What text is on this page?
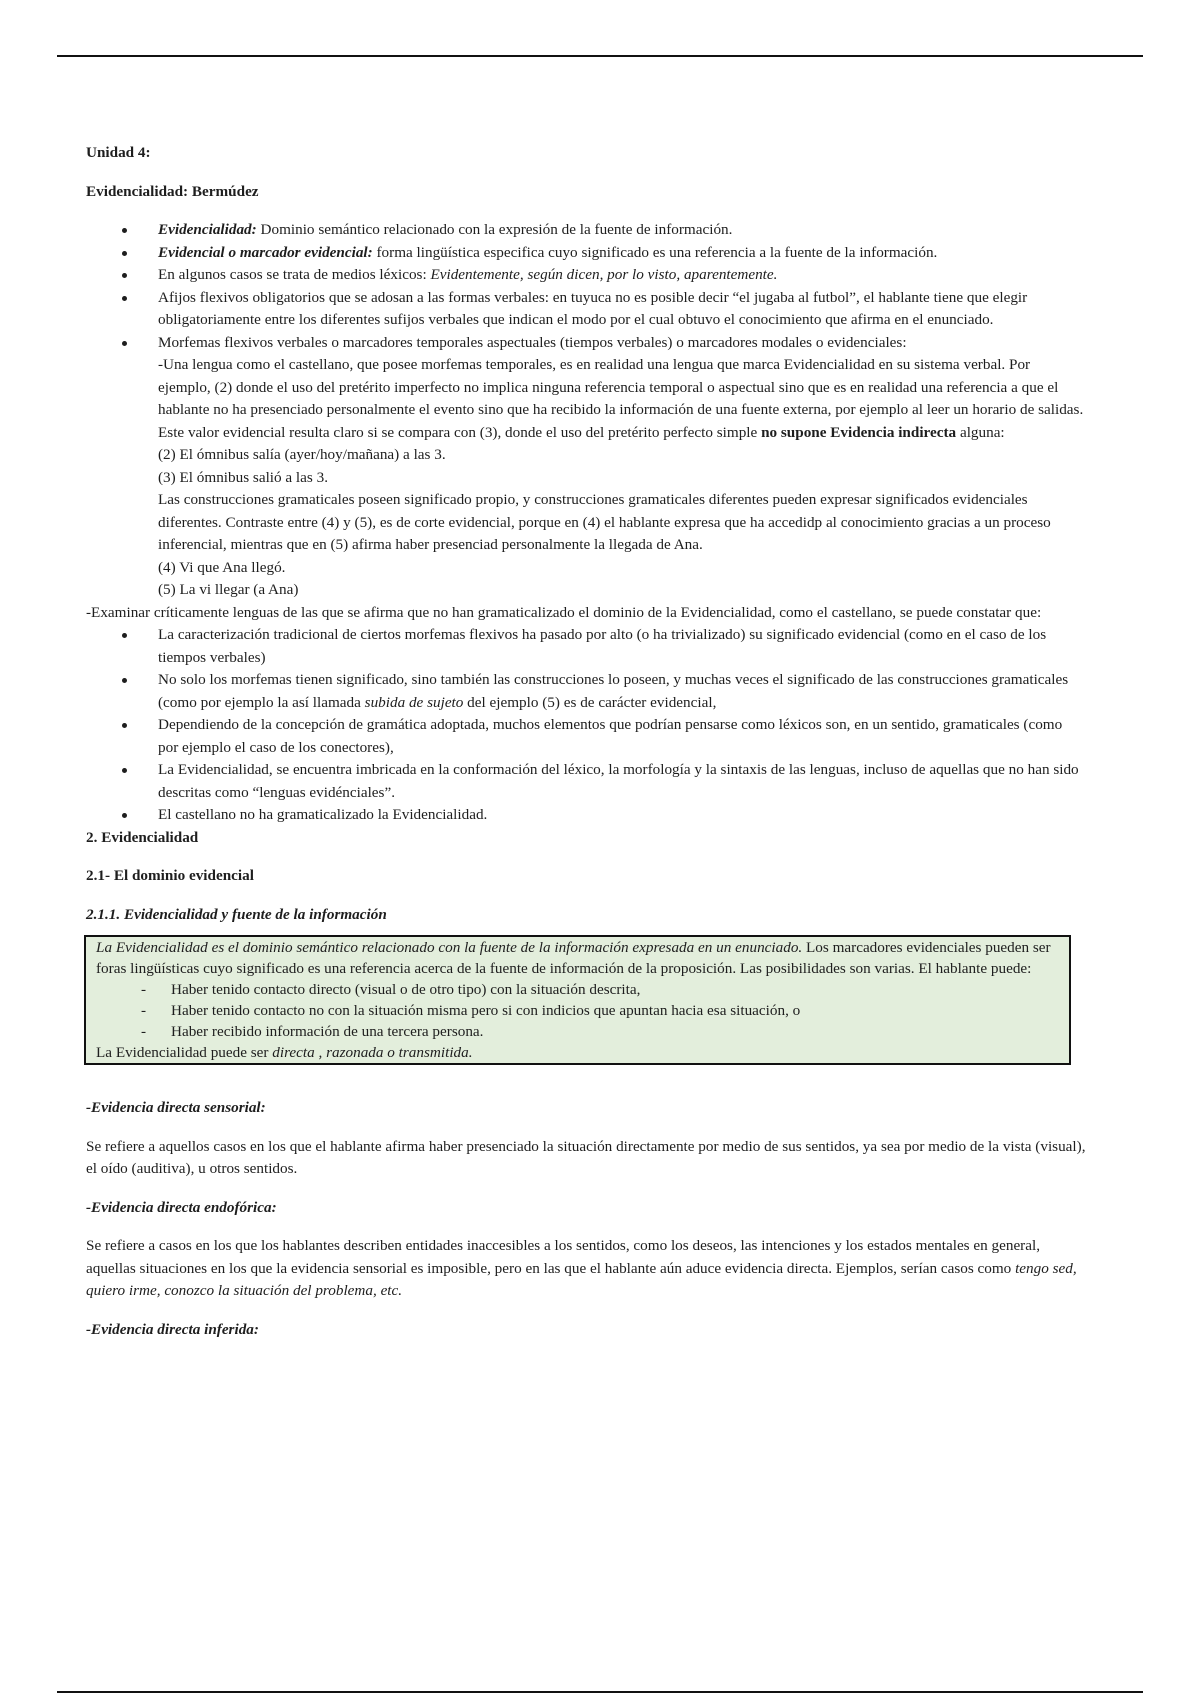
Unidad 4:

Evidencialidad: Bermúdez

Evidencialidad: Dominio semántico relacionado con la expresión de la fuente de información.
Evidencial o marcador evidencial: forma lingüística especifica cuyo significado es una referencia a la fuente de la información.
En algunos casos se trata de medios léxicos: Evidentemente, según dicen, por lo visto, aparentemente.
Afijos flexivos obligatorios que se adosan a las formas verbales: en tuyuca no es posible decir “el jugaba al futbol”, el hablante tiene que elegir obligatoriamente entre los diferentes sufijos verbales que indican el modo por el cual obtuvo el conocimiento que afirma en el enunciado.
Morfemas flexivos verbales o marcadores temporales aspectuales (tiempos verbales) o marcadores modales o evidenciales:
-Una lengua como el castellano, que posee morfemas temporales, es en realidad una lengua que marca Evidencialidad en su sistema verbal. Por ejemplo, (2) donde el uso del pretérito imperfecto no implica ninguna referencia temporal o aspectual sino que es en realidad una referencia a que el hablante no ha presenciado personalmente el evento sino que ha recibido la información de una fuente externa, por ejemplo al leer un horario de salidas. Este valor evidencial resulta claro si se compara con (3), donde el uso del pretérito perfecto simple no supone Evidencia indirecta alguna:
(2) El ómnibus salía (ayer/hoy/mañana) a las 3.
(3) El ómnibus salió a las 3.
Las construcciones gramaticales poseen significado propio, y construcciones gramaticales diferentes pueden expresar significados evidenciales diferentes. Contraste entre (4) y (5), es de corte evidencial, porque en (4) el hablante expresa que ha accedidp al conocimiento gracias a un proceso inferencial, mientras que en (5) afirma haber presenciad personalmente la llegada de Ana.
(4) Vi que Ana llegó.
(5) La vi llegar (a Ana)

-Examinar críticamente lenguas de las que se afirma que no han gramaticalizado el dominio de la Evidencialidad, como el castellano, se puede constatar que:

La caracterización tradicional de ciertos morfemas flexivos ha pasado por alto (o ha trivializado) su significado evidencial (como en el caso de los tiempos verbales)
No solo los morfemas tienen significado, sino también las construcciones lo poseen, y muchas veces el significado de las construcciones gramaticales (como por ejemplo la así llamada subida de sujeto del ejemplo (5) es de carácter evidencial,
Dependiendo de la concepción de gramática adoptada, muchos elementos que podrían pensarse como léxicos son, en un sentido, gramaticales (como por ejemplo el caso de los conectores),
La Evidencialidad, se encuentra imbricada en la conformación del léxico, la morfología y la sintaxis de las lenguas, incluso de aquellas que no han sido descritas como “lenguas evidénciales”.
El castellano no ha gramaticalizado la Evidencialidad.

2. Evidencialidad

2.1- El dominio evidencial

2.1.1. Evidencialidad y fuente de la información

La Evidencialidad es el dominio semántico relacionado con la fuente de la información expresada en un enunciado. Los marcadores evidenciales pueden ser foras lingüísticas cuyo significado es una referencia acerca de la fuente de información de la proposición. Las posibilidades son varias. El hablante puede:
- Haber tenido contacto directo (visual o de otro tipo) con la situación descrita,
- Haber tenido contacto no con la situación misma pero si con indicios que apuntan hacia esa situación, o
- Haber recibido información de una tercera persona.
La Evidencialidad puede ser directa , razonada o transmitida.

-Evidencia directa sensorial:

Se refiere a aquellos casos en los que el hablante afirma haber presenciado la situación directamente por medio de sus sentidos, ya sea por medio de la vista (visual), el oído (auditiva), u otros sentidos.

-Evidencia directa endofórica:

Se refiere a casos en los que los hablantes describen entidades inaccesibles a los sentidos, como los deseos, las intenciones y los estados mentales en general, aquellas situaciones en los que la evidencia sensorial es imposible, pero en las que el hablante aún aduce evidencia directa. Ejemplos, serían casos como tengo sed, quiero irme, conozco la situación del problema, etc.

-Evidencia directa inferida:
